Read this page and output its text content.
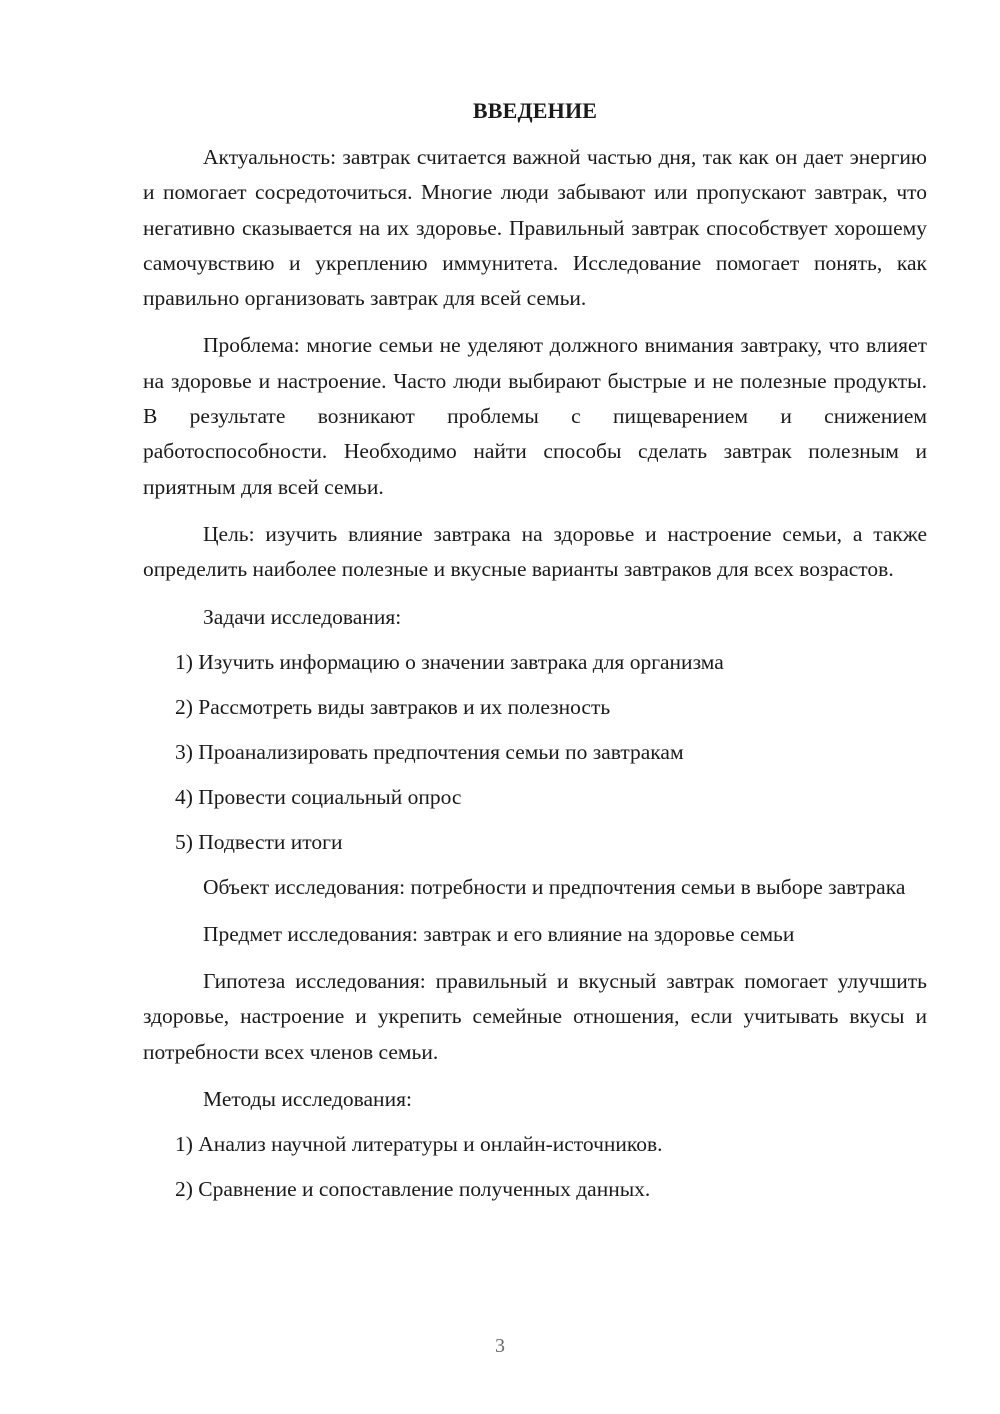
ВВЕДЕНИЕ

Актуальность: завтрак считается важной частью дня, так как он дает энергию и помогает сосредоточиться. Многие люди забывают или пропускают завтрак, что негативно сказывается на их здоровье. Правильный завтрак способствует хорошему самочувствию и укреплению иммунитета. Исследование помогает понять, как правильно организовать завтрак для всей семьи.

Проблема: многие семьи не уделяют должного внимания завтраку, что влияет на здоровье и настроение. Часто люди выбирают быстрые и не полезные продукты. В результате возникают проблемы с пищеварением и снижением работоспособности. Необходимо найти способы сделать завтрак полезным и приятным для всей семьи.

Цель: изучить влияние завтрака на здоровье и настроение семьи, а также определить наиболее полезные и вкусные варианты завтраков для всех возрастов.

Задачи исследования:

1) Изучить информацию о значении завтрака для организма

2) Рассмотреть виды завтраков и их полезность

3) Проанализировать предпочтения семьи по завтракам

4) Провести социальный опрос

5) Подвести итоги

Объект исследования: потребности и предпочтения семьи в выборе завтрака

Предмет исследования: завтрак и его влияние на здоровье семьи

Гипотеза исследования: правильный и вкусный завтрак помогает улучшить здоровье, настроение и укрепить семейные отношения, если учитывать вкусы и потребности всех членов семьи.

Методы исследования:

1) Анализ научной литературы и онлайн-источников.

2) Сравнение и сопоставление полученных данных.

3
